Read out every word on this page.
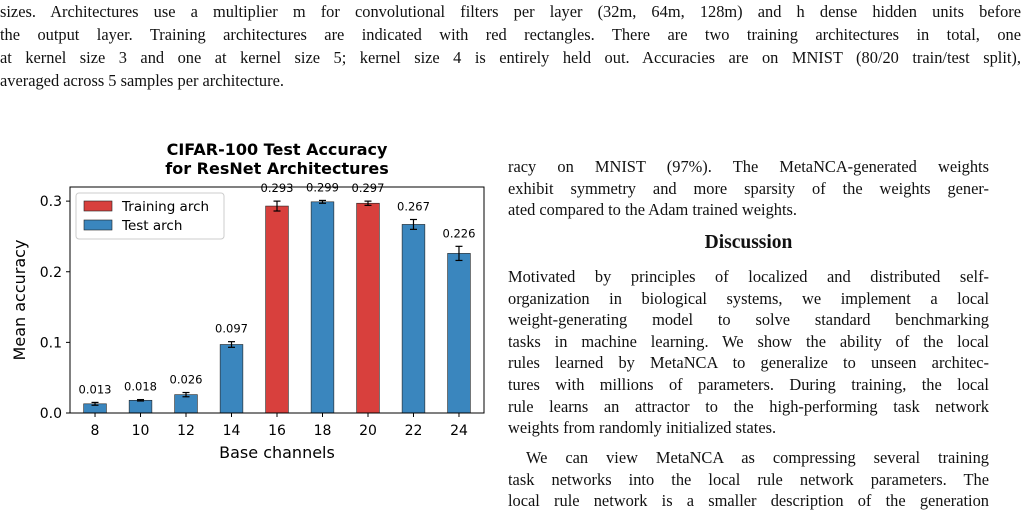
sizes. Architectures use a multiplier m for convolutional filters per layer (32m, 64m, 128m) and h dense hidden units before
the output layer. Training architectures are indicated with red rectangles. There are two training architectures in total, one
at kernel size 3 and one at kernel size 5; kernel size 4 is entirely held out. Accuracies are on MNIST (80/20 train/test split),
averaged across 5 samples per architecture.
CIFAR-100 Test Accuracy
for ResNet Architectures
0.013 0.018
0.026
0.097
0.293 0.299 0.297
0.267
0.226
0.0
0.1
0.2
0.3
8 10 12 14 16 18 20 22 24
Base channels
Mean accuracy
Training arch
Test arch
racy on MNIST (97%). The MetaNCA-generated weights
exhibit symmetry and more sparsity of the weights gener-
ated compared to the Adam trained weights.
Discussion
Motivated by principles of localized and distributed self-
organization in biological systems, we implement a local
weight-generating model to solve standard benchmarking
tasks in machine learning. We show the ability of the local
rules learned by MetaNCA to generalize to unseen architec-
tures with millions of parameters. During training, the local
rule learns an attractor to the high-performing task network
weights from randomly initialized states.
We can view MetaNCA as compressing several training
task networks into the local rule network parameters. The
local rule network is a smaller description of the generation
